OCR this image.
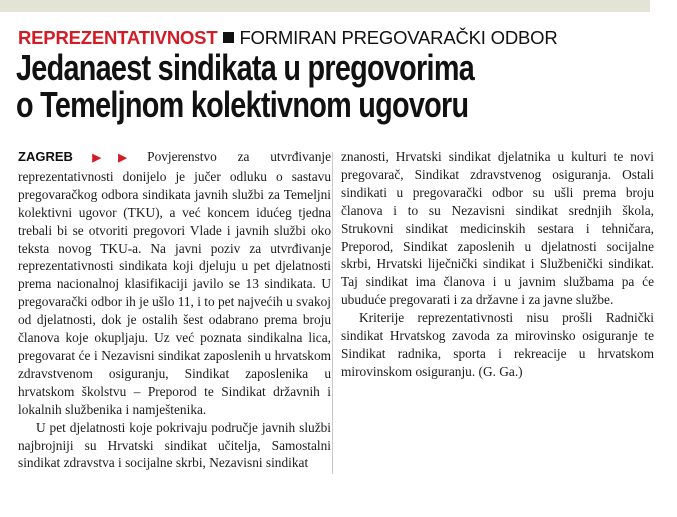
REPREZENTATIVNOST FORMIRAN PREGOVARAČKI ODBOR
Jedanaest sindikata u pregovorima
o Temeljnom kolektivnom ugovoru

ZAGREB ▶▶ Povjerenstvo za utvrđivanje reprezentativnosti donijelo je jučer odluku o sastavu pregovaračkog odbora sindikata javnih službi za Temeljni kolektivni ugovor (TKU), a već koncem idućeg tjedna trebali bi se otvoriti pregovori Vlade i javnih službi oko teksta novog TKU-a. Na javni poziv za utvrđivanje reprezentativnosti sindikata koji djeluju u pet djelatnosti prema nacionalnoj klasifikaciji javilo se 13 sindikata. U pregovarački odbor ih je ušlo 11, i to pet najvećih u svakoj od djelatnosti, dok je ostalih šest odabrano prema broju članova koje okupljaju. Uz već poznata sindikalna lica, pregovarat će i Nezavisni sindikat zaposlenih u hrvatskom zdravstvenom osiguranju, Sindikat zaposlenika u hrvatskom školstvu – Preporod te Sindikat državnih i lokalnih službenika i namještenika.

U pet djelatnosti koje pokrivaju područje javnih službi najbrojniji su Hrvatski sindikat učitelja, Samostalni sindikat zdravstva i socijalne skrbi, Nezavisni sindikat

znanosti, Hrvatski sindikat djelatnika u kulturi te novi pregovarač, Sindikat zdravstvenog osiguranja. Ostali sindikati u pregovarački odbor su ušli prema broju članova i to su Nezavisni sindikat srednjih škola, Strukovni sindikat medicinskih sestara i tehničara, Preporod, Sindikat zaposlenih u djelatnosti socijalne skrbi, Hrvatski liječnički sindikat i Službenički sindikat. Taj sindikat ima članova i u javnim službama pa će ubuduće pregovarati i za državne i za javne službe.

Kriterije reprezentativnosti nisu prošli Radnički sindikat Hrvatskog zavoda za mirovinsko osiguranje te Sindikat radnika, sporta i rekreacije u hrvatskom mirovinskom osiguranju. (G. Ga.)
